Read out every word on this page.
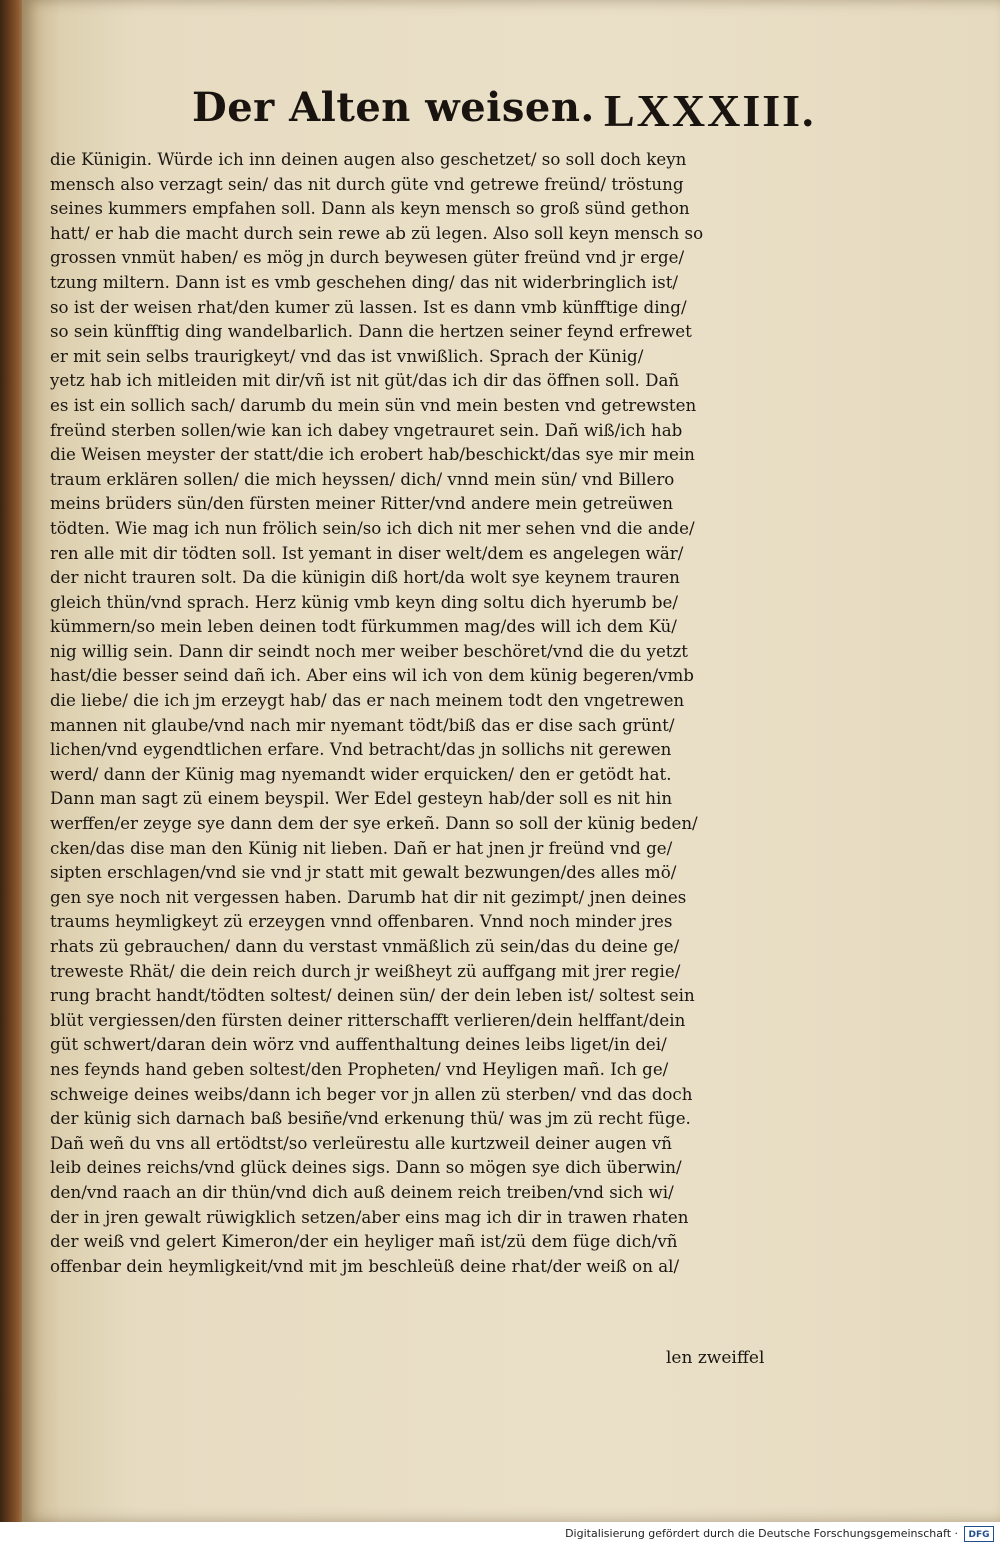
Der Alten weisen. LXXXIII.
die Künigin. Würde ich inn deinen augen also geschetzet/ so soll doch keyn
mensch also verzagt sein/ das nit durch güte vnd getrewe freünd/ tröstung
seines kummers empfahen soll. Dann als keyn mensch so groß sünd gethon
hatt/ er hab die macht durch sein rewe ab zü legen. Also soll keyn mensch so
grossen vnmüt haben/ es mög jn durch beywesen güter freünd vnd jr erge/
tzung miltern. Dann ist es vmb geschehen ding/ das nit widerbringlich ist/
so ist der weisen rhat/den kumer zü lassen. Ist es dann vmb künfftige ding/
so sein künfftig ding wandelbarlich. Dann die hertzen seiner feynd erfrewet
er mit sein selbs traurigkeyt/ vnd das ist vnwißlich. Sprach der Künig/
yetz hab ich mitleiden mit dir/vñ ist nit güt/das ich dir das öffnen soll. Dañ
es ist ein sollich sach/ darumb du mein sün vnd mein besten vnd getrewsten
freünd sterben sollen/wie kan ich dabey vngetrauret sein. Dañ wiß/ich hab
die Weisen meyster der statt/die ich erobert hab/beschickt/das sye mir mein
traum erklären sollen/ die mich heyssen/ dich/ vnnd mein sün/ vnd Billero
meins brüders sün/den fürsten meiner Ritter/vnd andere mein getreüwen
tödten. Wie mag ich nun frölich sein/so ich dich nit mer sehen vnd die ande/
ren alle mit dir tödten soll. Ist yemant in diser welt/dem es angelegen wär/
der nicht trauren solt. Da die künigin diß hort/da wolt sye keynem trauren
gleich thün/vnd sprach. Herz künig vmb keyn ding soltu dich hyerumb be/
kümmern/so mein leben deinen todt fürkummen mag/des will ich dem Kü/
nig willig sein. Dann dir seindt noch mer weiber beschöret/vnd die du yetzt
hast/die besser seind dañ ich. Aber eins wil ich von dem künig begeren/vmb
die liebe/ die ich jm erzeygt hab/ das er nach meinem todt den vngetrewen
mannen nit glaube/vnd nach mir nyemant tödt/biß das er dise sach grünt/
lichen/vnd eygendtlichen erfare. Vnd betracht/das jn sollichs nit gerewen
werd/ dann der Künig mag nyemandt wider erquicken/ den er getödt hat.
Dann man sagt zü einem beyspil. Wer Edel gesteyn hab/der soll es nit hin
werffen/er zeyge sye dann dem der sye erkeñ. Dann so soll der künig beden/
cken/das dise man den Künig nit lieben. Dañ er hat jnen jr freünd vnd ge/
sipten erschlagen/vnd sie vnd jr statt mit gewalt bezwungen/des alles mö/
gen sye noch nit vergessen haben. Darumb hat dir nit gezimpt/ jnen deines
traums heymligkeyt zü erzeygen vnnd offenbaren. Vnnd noch minder jres
rhats zü gebrauchen/ dann du verstast vnmäßlich zü sein/das du deine ge/
treweste Rhät/ die dein reich durch jr weißheyt zü auffgang mit jrer regie/
rung bracht handt/tödten soltest/ deinen sün/ der dein leben ist/ soltest sein
blüt vergiessen/den fürsten deiner ritterschafft verlieren/dein helffant/dein
güt schwert/daran dein wörz vnd auffenthaltung deines leibs liget/in dei/
nes feynds hand geben soltest/den Propheten/ vnd Heyligen mañ. Ich ge/
schweige deines weibs/dann ich beger vor jn allen zü sterben/ vnd das doch
der künig sich darnach baß besiñe/vnd erkenung thü/ was jm zü recht füge.
Dañ weñ du vns all ertödtst/so verleürestu alle kurtzweil deiner augen vñ
leib deines reichs/vnd glück deines sigs. Dann so mögen sye dich überwin/
den/vnd raach an dir thün/vnd dich auß deinem reich treiben/vnd sich wi/
der in jren gewalt rüwigklich setzen/aber eins mag ich dir in trawen rhaten
der weiß vnd gelert Kimeron/der ein heyliger mañ ist/zü dem füge dich/vñ
offenbar dein heymligkeit/vnd mit jm beschleüß deine rhat/der weiß on al/
len zweiffel
Digitalisierung gefördert durch die Deutsche Forschungsgemeinschaft ·	DFG
